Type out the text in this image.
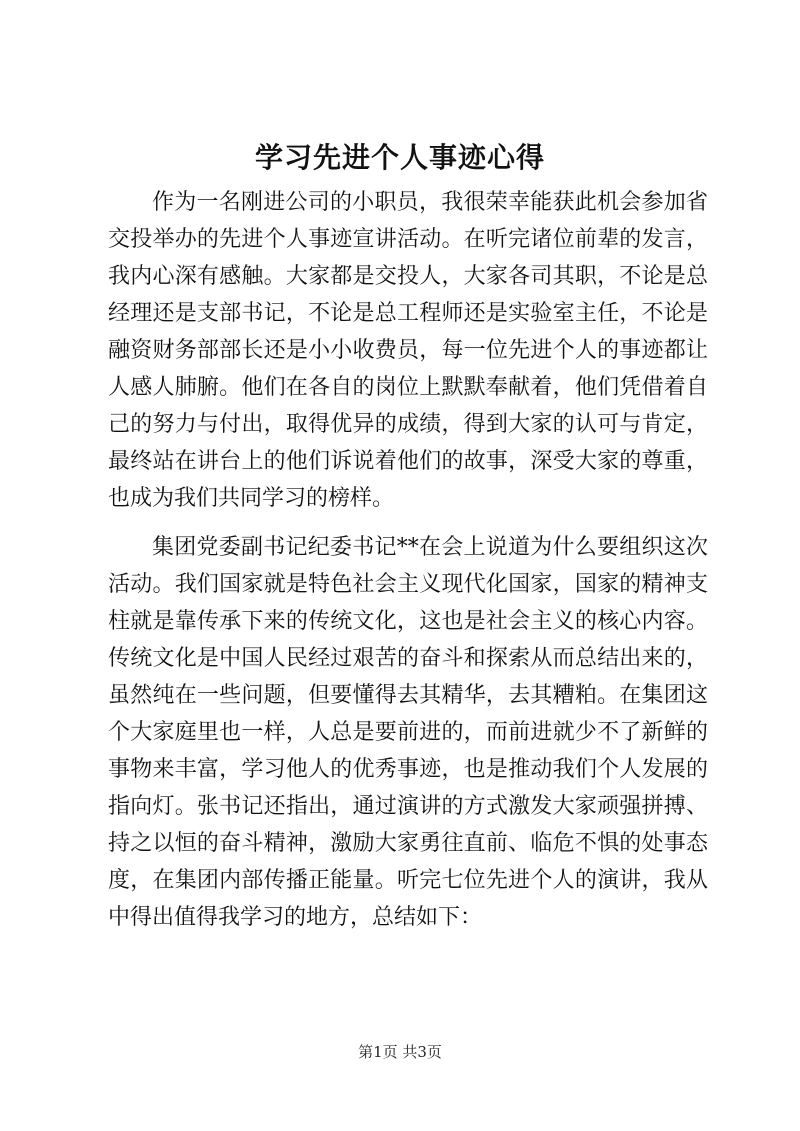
学习先进个人事迹心得

作为一名刚进公司的小职员，我很荣幸能获此机会参加省交投举办的先进个人事迹宣讲活动。在听完诸位前辈的发言，我内心深有感触。大家都是交投人，大家各司其职，不论是总经理还是支部书记，不论是总工程师还是实验室主任，不论是融资财务部部长还是小小收费员，每一位先进个人的事迹都让人感人肺腑。他们在各自的岗位上默默奉献着，他们凭借着自己的努力与付出，取得优异的成绩，得到大家的认可与肯定，最终站在讲台上的他们诉说着他们的故事，深受大家的尊重，也成为我们共同学习的榜样。

集团党委副书记纪委书记**在会上说道为什么要组织这次活动。我们国家就是特色社会主义现代化国家，国家的精神支柱就是靠传承下来的传统文化，这也是社会主义的核心内容。传统文化是中国人民经过艰苦的奋斗和探索从而总结出来的，虽然纯在一些问题，但要懂得去其精华，去其糟粕。在集团这个大家庭里也一样，人总是要前进的，而前进就少不了新鲜的事物来丰富，学习他人的优秀事迹，也是推动我们个人发展的指向灯。张书记还指出，通过演讲的方式激发大家顽强拼搏、持之以恒的奋斗精神，激励大家勇往直前、临危不惧的处事态度，在集团内部传播正能量。听完七位先进个人的演讲，我从中得出值得我学习的地方，总结如下：

第1页 共3页
